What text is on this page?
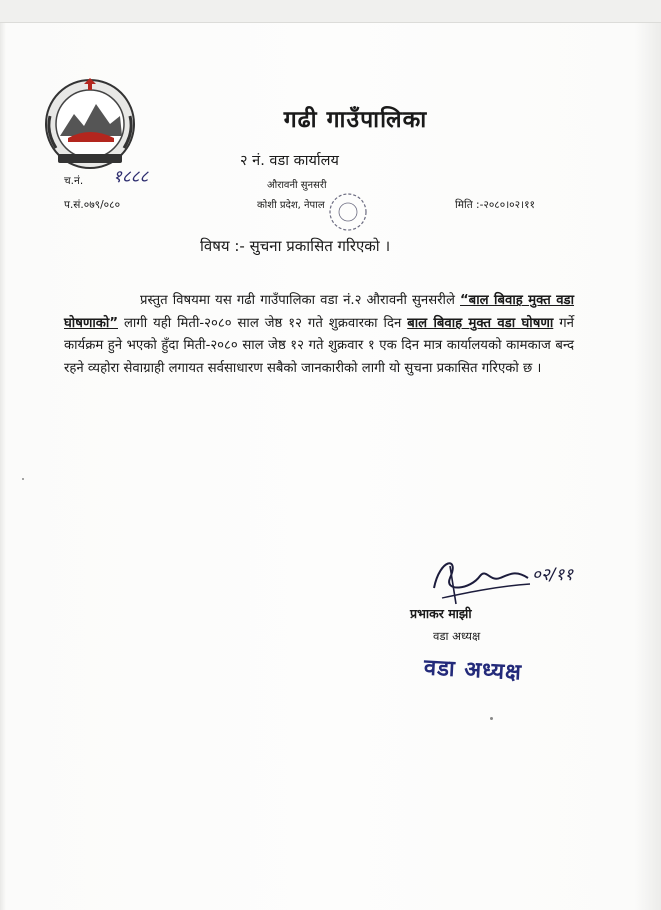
गढी गाउँपालिका
२ नं. वडा कार्यालय
औरावनी सुनसरी
कोशी प्रदेश, नेपाल
च.नं. १८८८
प.सं.०७९/०८०	मिति :-२०८०।०२।११
विषय :- सुचना प्रकासित गरिएको ।
प्रस्तुत विषयमा यस गढी गाउँपालिका वडा नं.२ औरावनी सुनसरीले “बाल बिवाह मुक्त वडा घोषणाको” लागी यही मिती-२०८० साल जेष्ठ १२ गते शुक्रवारका दिन बाल बिवाह मुक्त वडा घोषणा गर्ने कार्यक्रम हुने भएको हुँदा मिती-२०८० साल जेष्ठ १२ गते शुक्रवार १ एक दिन मात्र कार्यालयको कामकाज बन्द रहने व्यहोरा सेवाग्राही लगायत सर्वसाधारण सबैको जानकारीको लागी यो सुचना प्रकासित गरिएको छ ।
०२/११
प्रभाकर माझी
वडा अध्यक्ष
वडा अध्यक्ष
